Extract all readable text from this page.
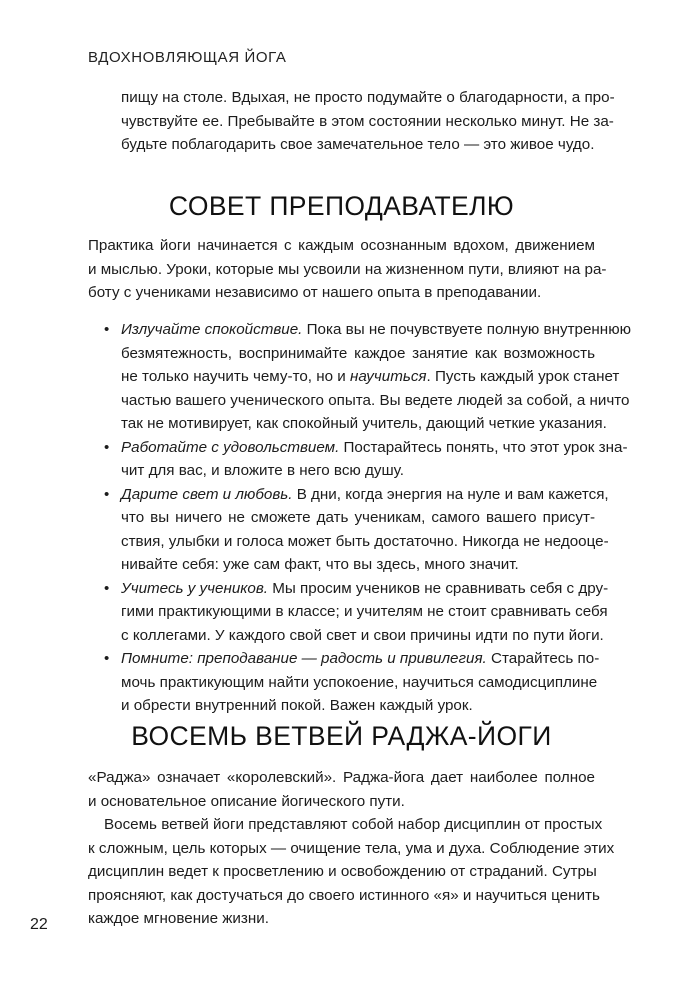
ВДОХНОВЛЯЮЩАЯ ЙОГА
пищу на столе. Вдыхая, не просто подумайте о благодарности, а про-
чувствуйте ее. Пребывайте в этом состоянии несколько минут. Не за-
будьте поблагодарить свое замечательное тело — это живое чудо.
СОВЕТ ПРЕПОДАВАТЕЛЮ
Практика йоги начинается с каждым осознанным вдохом, движением
и мыслью. Уроки, которые мы усвоили на жизненном пути, влияют на ра-
боту с учениками независимо от нашего опыта в преподавании.
• Излучайте спокойствие. Пока вы не почувствуете полную внутреннюю
безмятежность, воспринимайте каждое занятие как возможность
не только научить чему-то, но и научиться. Пусть каждый урок станет
частью вашего ученического опыта. Вы ведете людей за собой, а ничто
так не мотивирует, как спокойный учитель, дающий четкие указания.
• Работайте с удовольствием. Постарайтесь понять, что этот урок зна-
чит для вас, и вложите в него всю душу.
• Дарите свет и любовь. В дни, когда энергия на нуле и вам кажется,
что вы ничего не сможете дать ученикам, самого вашего присут-
ствия, улыбки и голоса может быть достаточно. Никогда не недооце-
нивайте себя: уже сам факт, что вы здесь, много значит.
• Учитесь у учеников. Мы просим учеников не сравнивать себя с дру-
гими практикующими в классе; и учителям не стоит сравнивать себя
с коллегами. У каждого свой свет и свои причины идти по пути йоги.
• Помните: преподавание — радость и привилегия. Старайтесь по-
мочь практикующим найти успокоение, научиться самодисциплине
и обрести внутренний покой. Важен каждый урок.
ВОСЕМЬ ВЕТВЕЙ РАДЖА-ЙОГИ
«Раджа» означает «королевский». Раджа-йога дает наиболее полное
и основательное описание йогического пути.
Восемь ветвей йоги представляют собой набор дисциплин от простых
к сложным, цель которых — очищение тела, ума и духа. Соблюдение этих
дисциплин ведет к просветлению и освобождению от страданий. Сутры
проясняют, как достучаться до своего истинного «я» и научиться ценить
каждое мгновение жизни.
22
